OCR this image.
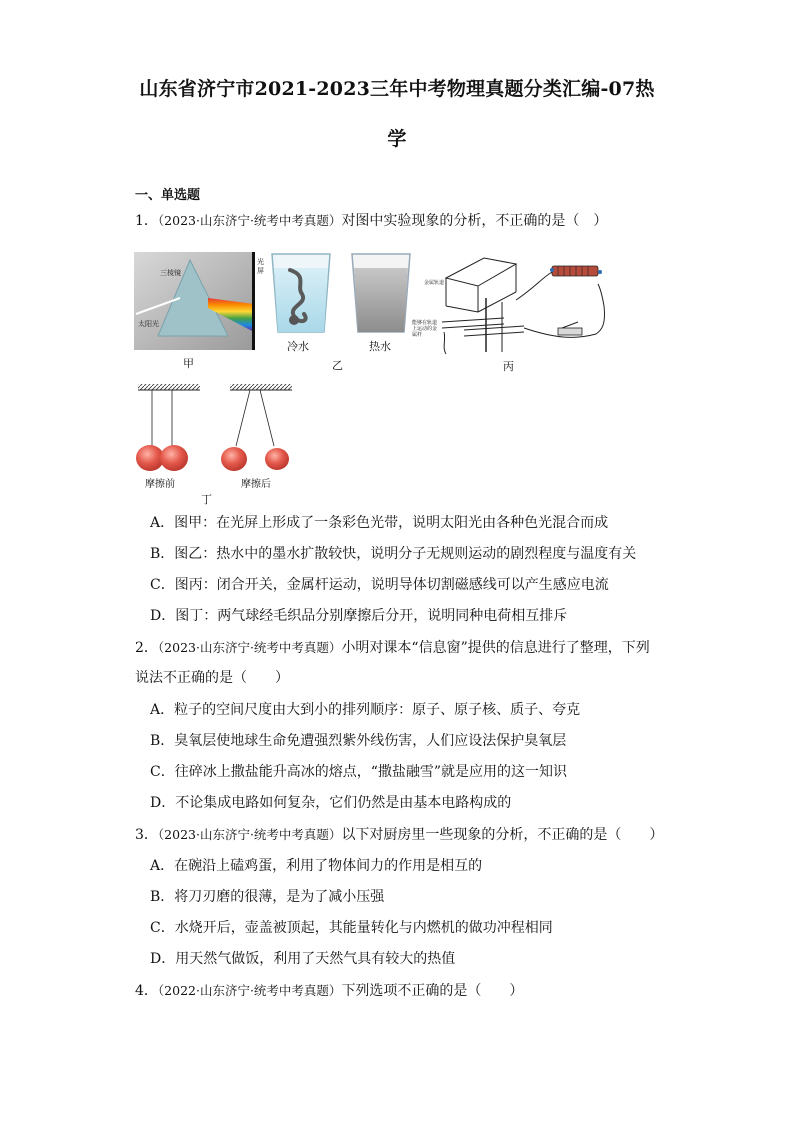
山东省济宁市2021-2023三年中考物理真题分类汇编-07热
学
一、单选题
1．（2023·山东济宁·统考中考真题）对图中实验现象的分析，不正确的是（　）
三棱镜
太阳光
光屏
甲
冷水	热水
乙
金属轨道
能够在轨道上运动的金属杆
丙
摩擦前	摩擦后
丁
A．图甲：在光屏上形成了一条彩色光带，说明太阳光由各种色光混合而成
B．图乙：热水中的墨水扩散较快，说明分子无规则运动的剧烈程度与温度有关
C．图丙：闭合开关，金属杆运动，说明导体切割磁感线可以产生感应电流
D．图丁：两气球经毛织品分别摩擦后分开，说明同种电荷相互排斥
2．（2023·山东济宁·统考中考真题）小明对课本“信息窗”提供的信息进行了整理，下列
说法不正确的是（　　）
A．粒子的空间尺度由大到小的排列顺序：原子、原子核、质子、夸克
B．臭氧层使地球生命免遭强烈紫外线伤害，人们应设法保护臭氧层
C．往碎冰上撒盐能升高冰的熔点，“撒盐融雪”就是应用的这一知识
D．不论集成电路如何复杂，它们仍然是由基本电路构成的
3．（2023·山东济宁·统考中考真题）以下对厨房里一些现象的分析，不正确的是（　　）
A．在碗沿上磕鸡蛋，利用了物体间力的作用是相互的
B．将刀刃磨的很薄，是为了减小压强
C．水烧开后，壶盖被顶起，其能量转化与内燃机的做功冲程相同
D．用天然气做饭，利用了天然气具有较大的热值
4．（2022·山东济宁·统考中考真题）下列选项不正确的是（　　）
